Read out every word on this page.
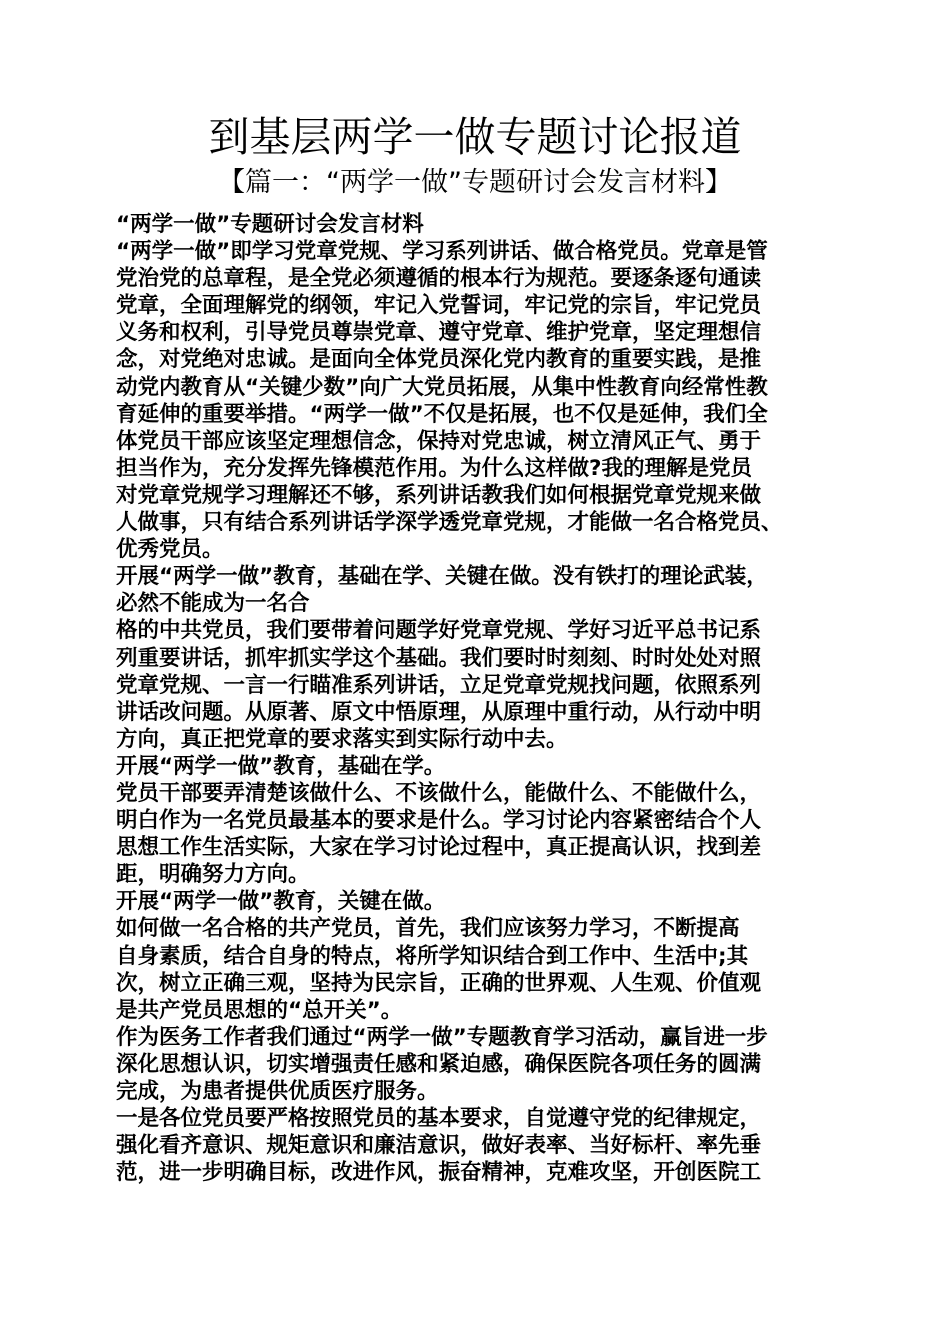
到基层两学一做专题讨论报道
【篇一：“两学一做”专题研讨会发言材料】
“两学一做”专题研讨会发言材料
“两学一做”即学习党章党规、学习系列讲话、做合格党员。党章是管
党治党的总章程，是全党必须遵循的根本行为规范。要逐条逐句通读
党章，全面理解党的纲领，牢记入党誓词，牢记党的宗旨，牢记党员
义务和权利，引导党员尊崇党章、遵守党章、维护党章，坚定理想信
念，对党绝对忠诚。是面向全体党员深化党内教育的重要实践，是推
动党内教育从“关键少数”向广大党员拓展，从集中性教育向经常性教
育延伸的重要举措。“两学一做”不仅是拓展，也不仅是延伸，我们全
体党员干部应该坚定理想信念，保持对党忠诚，树立清风正气、勇于
担当作为，充分发挥先锋模范作用。为什么这样做?我的理解是党员
对党章党规学习理解还不够，系列讲话教我们如何根据党章党规来做
人做事，只有结合系列讲话学深学透党章党规，才能做一名合格党员、
优秀党员。
开展“两学一做”教育，基础在学、关键在做。没有铁打的理论武装，
必然不能成为一名合
格的中共党员，我们要带着问题学好党章党规、学好习近平总书记系
列重要讲话，抓牢抓实学这个基础。我们要时时刻刻、时时处处对照
党章党规、一言一行瞄准系列讲话，立足党章党规找问题，依照系列
讲话改问题。从原著、原文中悟原理，从原理中重行动，从行动中明
方向，真正把党章的要求落实到实际行动中去。
开展“两学一做”教育，基础在学。
党员干部要弄清楚该做什么、不该做什么，能做什么、不能做什么，
明白作为一名党员最基本的要求是什么。学习讨论内容紧密结合个人
思想工作生活实际，大家在学习讨论过程中，真正提高认识，找到差
距，明确努力方向。
开展“两学一做”教育，关键在做。
如何做一名合格的共产党员，首先，我们应该努力学习，不断提高
自身素质，结合自身的特点，将所学知识结合到工作中、生活中;其
次，树立正确三观，坚持为民宗旨，正确的世界观、人生观、价值观
是共产党员思想的“总开关”。
作为医务工作者我们通过“两学一做”专题教育学习活动，赢旨进一步
深化思想认识，切实增强责任感和紧迫感，确保医院各项任务的圆满
完成，为患者提供优质医疗服务。
一是各位党员要严格按照党员的基本要求，自觉遵守党的纪律规定，
强化看齐意识、规矩意识和廉洁意识，做好表率、当好标杆、率先垂
范，进一步明确目标，改进作风，振奋精神，克难攻坚，开创医院工
